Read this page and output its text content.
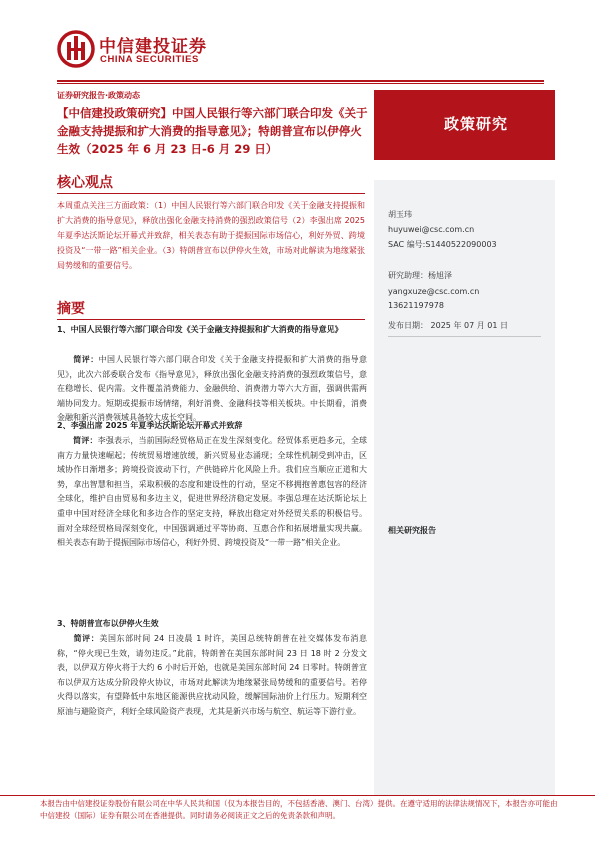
中信建投证券
CHINA SECURITIES
证券研究报告·政策动态
【中信建投政策研究】中国人民银行等六部门联合印发《关于金融支持提振和扩大消费的指导意见》；特朗普宣布以伊停火生效（2025 年 6 月 23 日-6 月 29 日）
政策研究
核心观点
本周重点关注三方面政策：（1）中国人民银行等六部门联合印发《关于金融支持提振和扩大消费的指导意见》，释放出强化金融支持消费的强烈政策信号（2）李强出席 2025 年夏季达沃斯论坛开幕式并致辞，相关表态有助于提振国际市场信心，利好外贸、跨境投资及“一带一路”相关企业。（3）特朗普宣布以伊停火生效，市场对此解读为地缘紧张局势缓和的重要信号。
摘要
1、中国人民银行等六部门联合印发《关于金融支持提振和扩大消费的指导意见》
简评：中国人民银行等六部门联合印发《关于金融支持提振和扩大消费的指导意见》，此次六部委联合发布《指导意见》，释放出强化金融支持消费的强烈政策信号，意在稳增长、促内需。文件覆盖消费能力、金融供给、消费潜力等六大方面，强调供需两端协同发力。短期或提振市场情绪，利好消费、金融科技等相关板块。中长期看，消费金融和新兴消费领域具备较大成长空间。
2、李强出席 2025 年夏季达沃斯论坛开幕式并致辞
简评：李强表示，当前国际经贸格局正在发生深刻变化。经贸体系更趋多元，全球南方力量快速崛起；传统贸易增速放缓，新兴贸易业态涌现；全球性机制受到冲击，区域协作日渐增多；跨境投资波动下行，产供链碎片化风险上升。我们应当顺应正道和大势，拿出智慧和担当，采取积极的态度和建设性的行动，坚定不移拥抱普惠包容的经济全球化，维护自由贸易和多边主义，促进世界经济稳定发展。李强总理在达沃斯论坛上重申中国对经济全球化和多边合作的坚定支持，释放出稳定对外经贸关系的积极信号。面对全球经贸格局深刻变化，中国强调通过平等协商、互惠合作和拓展增量实现共赢。相关表态有助于提振国际市场信心，利好外贸、跨境投资及“一带一路”相关企业。
3、特朗普宣布以伊停火生效
简评：美国东部时间 24 日凌晨 1 时许，美国总统特朗普在社交媒体发布消息称，“停火现已生效，请勿违反。”此前，特朗普在美国东部时间 23 日 18 时 2 分发文表，以伊双方停火将于大约 6 小时后开始，也就是美国东部时间 24 日零时。特朗普宣布以伊双方达成分阶段停火协议，市场对此解读为地缘紧张局势缓和的重要信号。若停火得以落实，有望降低中东地区能源供应扰动风险，缓解国际油价上行压力。短期利空原油与避险资产，利好全球风险资产表现，尤其是新兴市场与航空、航运等下游行业。
胡玉玮
huyuwei@csc.com.cn
SAC 编号:S1440522090003
研究助理：杨旭泽
yangxuze@csc.com.cn
13621197978
发布日期： 2025 年 07 月 01 日
相关研究报告
本报告由中信建投证券股份有限公司在中华人民共和国（仅为本报告目的，不包括香港、澳门、台湾）提供。在遵守适用的法律法规情况下，本报告亦可能由中信建投（国际）证券有限公司在香港提供。同时请务必阅读正文之后的免责条款和声明。
